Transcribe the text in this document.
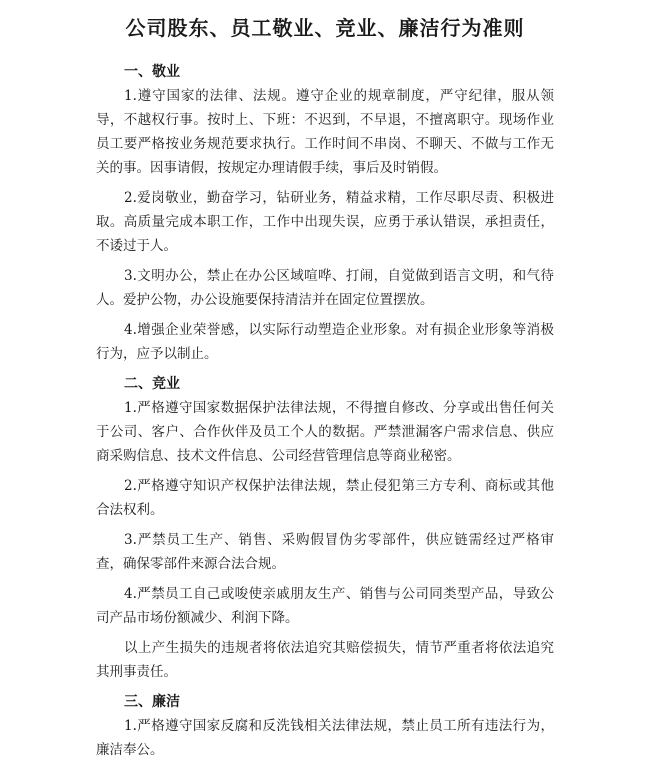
公司股东、员工敬业、竞业、廉洁行为准则
一、敬业

1.遵守国家的法律、法规。遵守企业的规章制度，严守纪律，服从领导，不越权行事。按时上、下班：不迟到，不早退，不擅离职守。现场作业员工要严格按业务规范要求执行。工作时间不串岗、不聊天、不做与工作无关的事。因事请假，按规定办理请假手续，事后及时销假。

2.爱岗敬业，勤奋学习，钻研业务，精益求精，工作尽职尽责、积极进取。高质量完成本职工作，工作中出现失误，应勇于承认错误，承担责任，不诿过于人。

3.文明办公，禁止在办公区域喧哗、打闹，自觉做到语言文明，和气待人。爱护公物，办公设施要保持清洁并在固定位置摆放。

4.增强企业荣誉感，以实际行动塑造企业形象。对有损企业形象等消极行为，应予以制止。

二、竞业

1.严格遵守国家数据保护法律法规，不得擅自修改、分享或出售任何关于公司、客户、合作伙伴及员工个人的数据。严禁泄漏客户需求信息、供应商采购信息、技术文件信息、公司经营管理信息等商业秘密。

2.严格遵守知识产权保护法律法规，禁止侵犯第三方专利、商标或其他合法权利。

3.严禁员工生产、销售、采购假冒伪劣零部件，供应链需经过严格审查，确保零部件来源合法合规。

4.严禁员工自己或唆使亲戚朋友生产、销售与公司同类型产品，导致公司产品市场份额减少、利润下降。

以上产生损失的违规者将依法追究其赔偿损失，情节严重者将依法追究其刑事责任。

三、廉洁

1.严格遵守国家反腐和反洗钱相关法律法规，禁止员工所有违法行为，廉洁奉公。
